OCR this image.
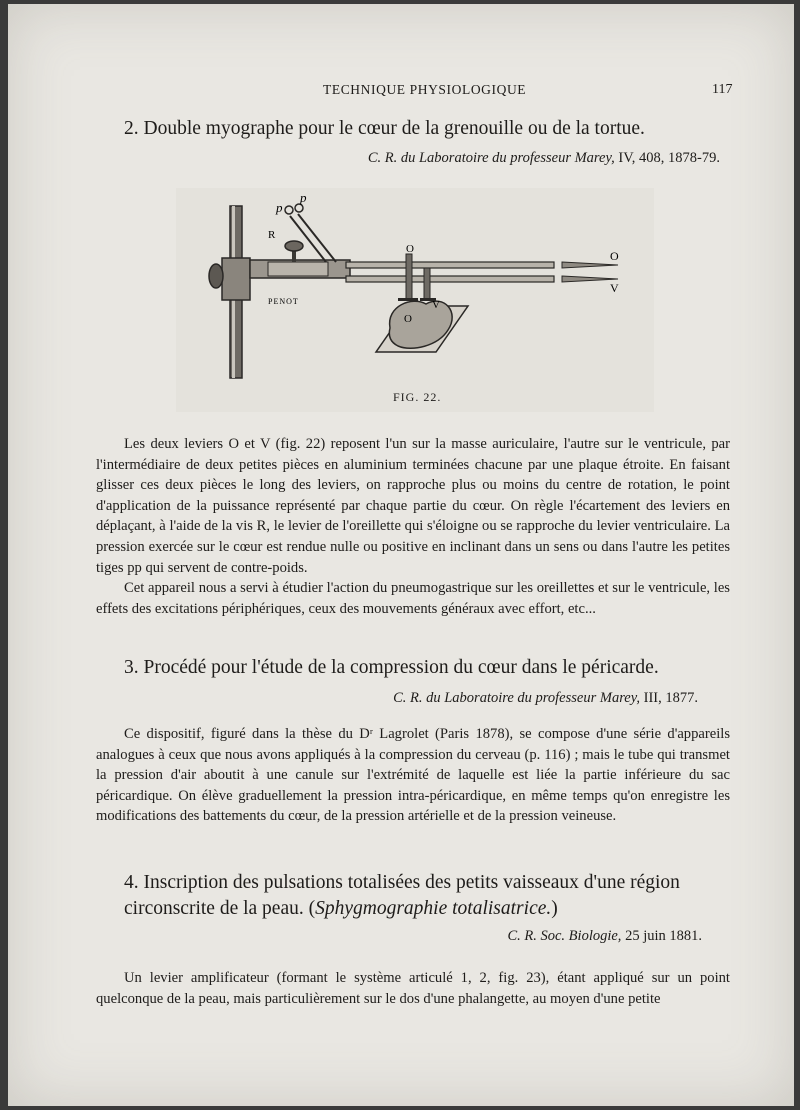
TECHNIQUE PHYSIOLOGIQUE	117
2. Double myographe pour le cœur de la grenouille ou de la tortue.
C. R. du Laboratoire du professeur Marey, IV, 408, 1878-79.
p
p
R
O	O
V
O
V
PENOT
FIG. 22.

Les deux leviers O et V (fig. 22) reposent l'un sur la masse auriculaire, l'autre sur le ventricule, par l'intermédiaire de deux petites pièces en aluminium terminées chacune par une plaque étroite. En faisant glisser ces deux pièces le long des leviers, on rapproche plus ou moins du centre de rotation, le point d'application de la puissance représenté par chaque partie du cœur. On règle l'écartement des leviers en déplaçant, à l'aide de la vis R, le levier de l'oreillette qui s'éloigne ou se rapproche du levier ventriculaire. La pression exercée sur le cœur est rendue nulle ou positive en inclinant dans un sens ou dans l'autre les petites tiges pp qui servent de contre-poids.

Cet appareil nous a servi à étudier l'action du pneumogastrique sur les oreillettes et sur le ventricule, les effets des excitations périphériques, ceux des mouvements généraux avec effort, etc...

3. Procédé pour l'étude de la compression du cœur dans le péricarde.
C. R. du Laboratoire du professeur Marey, III, 1877.

Ce dispositif, figuré dans la thèse du Dʳ Lagrolet (Paris 1878), se compose d'une série d'appareils analogues à ceux que nous avons appliqués à la compression du cerveau (p. 116) ; mais le tube qui transmet la pression d'air aboutit à une canule sur l'extrémité de laquelle est liée la partie inférieure du sac péricardique. On élève graduellement la pression intra-péricardique, en même temps qu'on enregistre les modifications des battements du cœur, de la pression artérielle et de la pression veineuse.

4. Inscription des pulsations totalisées des petits vaisseaux d'une région circonscrite de la peau. (Sphygmographie totalisatrice.)
C. R. Soc. Biologie, 25 juin 1881.

Un levier amplificateur (formant le système articulé 1, 2, fig. 23), étant appliqué sur un point quelconque de la peau, mais particulièrement sur le dos d'une phalangette, au moyen d'une petite
